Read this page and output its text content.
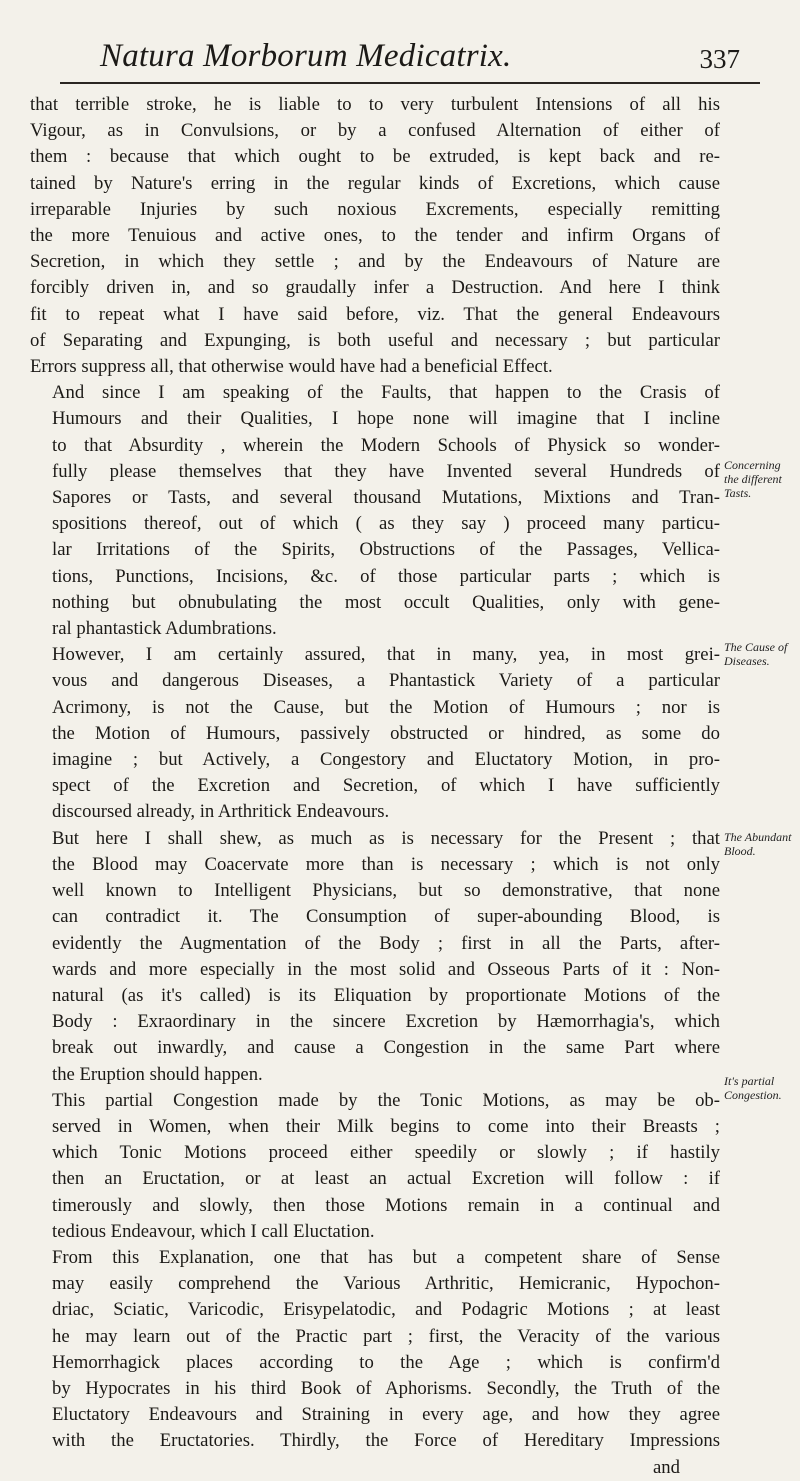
Natura Morborum Medicatrix.	337

that terrible stroke, he is liable to to very turbulent Intensions of all his
Vigour, as in Convulsions, or by a confused Alternation of either of
them : because that which ought to be extruded, is kept back and re-
tained by Nature's erring in the regular kinds of Excretions, which cause
irreparable Injuries by such noxious Excrements, especially remitting
the more Tenuious and active ones, to the tender and infirm Organs of
Secretion, in which they settle ; and by the Endeavours of Nature are
forcibly driven in, and so graudally infer a Destruction. And here I think
fit to repeat what I have said before, viz. That the general Endeavours
of Separating and Expunging, is both useful and necessary ; but particular
Errors suppress all, that otherwise would have had a beneficial Effect.

And since I am speaking of the Faults, that happen to the Crasis of
Humours and their Qualities, I hope none will imagine that I incline
to that Absurdity , wherein the Modern Schools of Physick so wonder-
fully please themselves that they have Invented several Hundreds of
Sapores or Tasts, and several thousand Mutations, Mixtions and Tran-
spositions thereof, out of which ( as they say ) proceed many particu-
lar Irritations of the Spirits, Obstructions of the Passages, Vellica-
tions, Punctions, Incisions, &c. of those particular parts ; which is
nothing but obnubulating the most occult Qualities, only with gene-
ral phantastick Adumbrations.

However, I am certainly assured, that in many, yea, in most grei-
vous and dangerous Diseases, a Phantastick Variety of a particular
Acrimony, is not the Cause, but the Motion of Humours ; nor is
the Motion of Humours, passively obstructed or hindred, as some do
imagine ; but Actively, a Congestory and Eluctatory Motion, in pro-
spect of the Excretion and Secretion, of which I have sufficiently
discoursed already, in Arthritick Endeavours.

But here I shall shew, as much as is necessary for the Present ; that
the Blood may Coacervate more than is necessary ; which is not only
well known to Intelligent Physicians, but so demonstrative, that none
can contradict it. The Consumption of super-abounding Blood, is
evidently the Augmentation of the Body ; first in all the Parts, after-
wards and more especially in the most solid and Osseous Parts of it : Non-
natural (as it's called) is its Eliquation by proportionate Motions of the
Body : Exraordinary in the sincere Excretion by Hæmorrhagia's, which
break out inwardly, and cause a Congestion in the same Part where
the Eruption should happen.

This partial Congestion made by the Tonic Motions, as may be ob-
served in Women, when their Milk begins to come into their Breasts ;
which Tonic Motions proceed either speedily or slowly ; if hastily
then an Eructation, or at least an actual Excretion will follow : if
timerously and slowly, then those Motions remain in a continual and
tedious Endeavour, which I call Eluctation.

From this Explanation, one that has but a competent share of Sense
may easily comprehend the Various Arthritic, Hemicranic, Hypochon-
driac, Sciatic, Varicodic, Erisypelatodic, and Podagric Motions ; at least
he may learn out of the Practic part ; first, the Veracity of the various
Hemorrhagick places according to the Age ; which is confirm'd
by Hypocrates in his third Book of Aphorisms. Secondly, the Truth of the
Eluctatory Endeavours and Straining in every age, and how they agree
with the Eructatories. Thirdly, the Force of Hereditary Impressions
and

Concerning the different Tasts.
The Cause of Diseases.
The Abundant Blood.
It's partial Congestion.
